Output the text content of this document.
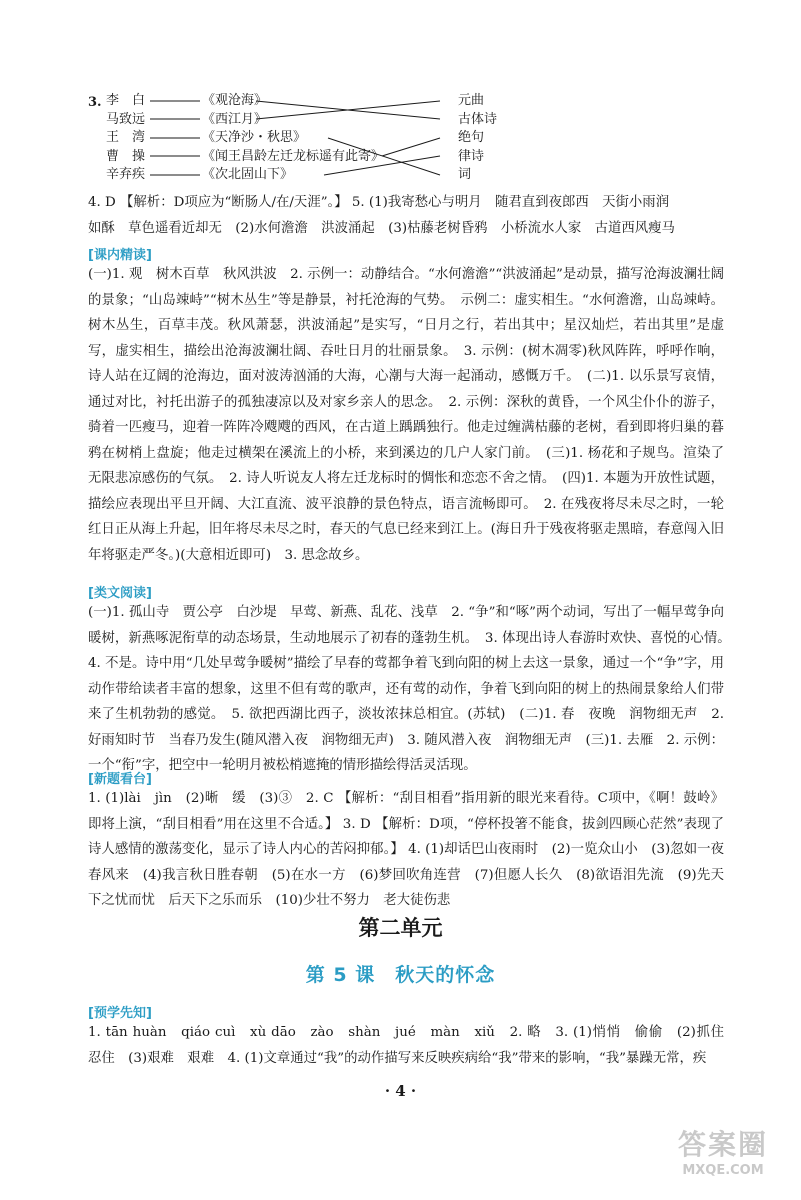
3. 李　白
马致远
王　湾
曹　操
辛弃疾
《观沧海》
《西江月》
《天净沙・秋思》
《闻王昌龄左迁龙标遥有此寄》
《次北固山下》
元曲
古体诗
绝句
律诗
词
4. D 【解析：D项应为“断肠人/在/天涯”。】 5. (1)我寄愁心与明月　随君直到夜郎西　天街小雨润
如酥　草色遥看近却无　(2)水何澹澹　洪波涌起　(3)枯藤老树昏鸦　小桥流水人家　古道西风瘦马
[ 课内精读 ]
(一)1. 观　树木百草　秋风洪波　2. 示例一：动静结合。“水何澹澹”“洪波涌起”是动景，描写沧海波澜壮阔的景象；“山岛竦峙”“树木丛生”等是静景，衬托沧海的气势。　示例二：虚实相生。“水何澹澹，山岛竦峙。树木丛生，百草丰茂。秋风萧瑟，洪波涌起”是实写，“日月之行，若出其中；星汉灿烂，若出其里”是虚写，虚实相生，描绘出沧海波澜壮阔、吞吐日月的壮丽景象。　3. 示例：(树木凋零)秋风阵阵，呼呼作响，诗人站在辽阔的沧海边，面对波涛汹涌的大海，心潮与大海一起涌动，感慨万千。　(二)1. 以乐景写哀情，通过对比，衬托出游子的孤独凄凉以及对家乡亲人的思念。　2. 示例：深秋的黄昏，一个风尘仆仆的游子，骑着一匹瘦马，迎着一阵阵冷飕飕的西风，在古道上踽踽独行。他走过缠满枯藤的老树，看到即将归巢的暮鸦在树梢上盘旋；他走过横架在溪流上的小桥，来到溪边的几户人家门前。　(三)1. 杨花和子规鸟。渲染了无限悲凉感伤的气氛。　2. 诗人听说友人将左迁龙标时的惆怅和恋恋不舍之情。　(四)1. 本题为开放性试题，描绘应表现出平旦开阔、大江直流、波平浪静的景色特点，语言流畅即可。　2. 在残夜将尽未尽之时，一轮红日正从海上升起，旧年将尽未尽之时，春天的气息已经来到江上。(海日升于残夜将驱走黑暗，春意闯入旧年将驱走严冬。)(大意相近即可)　3. 思念故乡。
[ 类文阅读 ]
(一)1. 孤山寺　贾公亭　白沙堤　早莺、新燕、乱花、浅草　2. “争”和“啄”两个动词，写出了一幅早莺争向暖树，新燕啄泥衔草的动态场景，生动地展示了初春的蓬勃生机。　3. 体现出诗人春游时欢快、喜悦的心情。　4. 不是。诗中用“几处早莺争暖树”描绘了早春的莺都争着飞到向阳的树上去这一景象，通过一个“争”字，用动作带给读者丰富的想象，这里不但有莺的歌声，还有莺的动作，争着飞到向阳的树上的热闹景象给人们带来了生机勃勃的感觉。　5. 欲把西湖比西子，淡妆浓抹总相宜。(苏轼)　(二)1. 春　夜晚　润物细无声　2. 好雨知时节　当春乃发生(随风潜入夜　润物细无声)　3. 随风潜入夜　润物细无声　(三)1. 去雁　2. 示例：一个“衔”字，把空中一轮明月被松梢遮掩的情形描绘得活灵活现。
[ 新题看台 ]
1. (1)lài　jìn　(2)晰　缓　(3)③　2. C 【解析：“刮目相看”指用新的眼光来看待。C项中，《啊！鼓岭》即将上演，“刮目相看”用在这里不合适。】 3. D 【解析：D项，“停杯投箸不能食，拔剑四顾心茫然”表现了诗人感情的激荡变化，显示了诗人内心的苦闷抑郁。】 4. (1)却话巴山夜雨时　(2)一览众山小　(3)忽如一夜春风来　(4)我言秋日胜春朝　(5)在水一方　(6)梦回吹角连营　(7)但愿人长久　(8)欲语泪先流　(9)先天下之忧而忧　后天下之乐而乐　(10)少壮不努力　老大徒伤悲
第二单元
第 5 课　秋天的怀念
[ 预学先知 ]
1. tān huàn　qiáo cuì　xù dāo　zào　shàn　jué　màn　xiǔ　2. 略　3. (1)悄悄　偷偷　(2)抓住　忍住　(3)艰难　艰难　4. (1)文章通过“我”的动作描写来反映疾病给“我”带来的影响，“我”暴躁无常，疾
· 4 ·
答案圈
MXQE.COM
